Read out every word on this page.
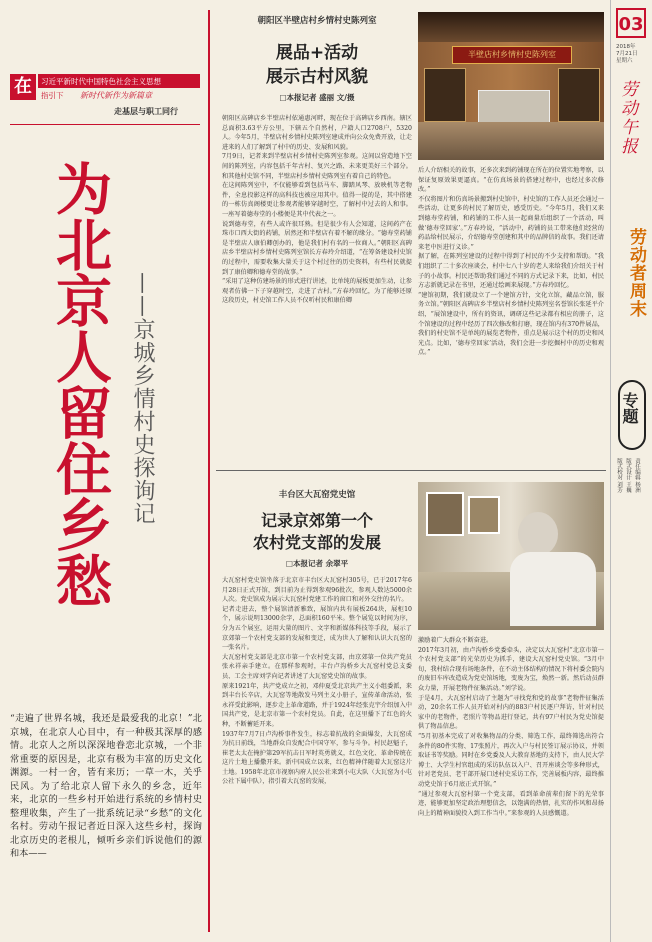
03
2018年
7月21日
星期六
劳动午报
劳动者周末
专题
责任编辑 杨洲
版式设计 王巍
版式校对 刘芳
在	习近平新时代中国特色社会主义思想
指引下 新时代新作为新篇章
走基层与职工同行
为北京人留住乡愁 ——京城乡情村史探询记
“走遍了世界名城，我还是最爱我的北京！”北京城，在北京人心目中，有一种极其深厚的感情。北京人之所以深深地眷恋北京城，一个非常重要的原因是，北京有极为丰富的历史文化渊源。一村一舍，皆有来历；一草一木，关乎民风。为了给北京人留下永久的乡念，近年来，北京的一些乡村开始进行系统的乡情村史整理收集，产生了一批系统记录“乡愁”的文化名村。劳动午报记者近日深入这些乡村，探询北京历史的老根儿，倾听乡亲们诉说他们的源和本——
朝阳区半壁店村乡情村史陈列室
展品+活动
展示古村风貌
□本报记者 盛丽 文/摄
半壁店村乡情村史陈列室
朝阳区高碑店乡半壁店村依通惠河畔，现在位于高碑店乡西南。辖区总面积3.63平方公里，下辖五个自然村，户籍人口2708户，5320人。今年5月，半壁店村乡情村史陈列室建成并向公众免费开放，让走进来的人们了解到了村中的历史、发展和风貌。
7月9日，记者来到半壁店村乡情村史陈列室参观。这间以营造地下空间的陈列室，内容包括千年古村、复兴之路、未来更美好三个部分。和其他村史馆不同，半壁店村乡情村史陈列室有着自己的特色。
在这间陈列室中，不仅能够看到包括马车、脚踏风琴、放映机等老物件，全息投影这样的高科技也被应用其中。值得一提的是，其中搭建的一栋仿真阁楼更让参观者能够穿越时空，了解村中过去的人和事。一座写着德寿堂的小楼便是其中代表之一。
说到德寿堂，有些人或许很耳熟。但是很少有人会知道，这间药产在珠市口西大街的药铺，居然还和半壁店有着不解的缘分。“德寿堂药铺是半壁店人康伯卿创办的，他是我们村有名的一位商人。”朝阳区高碑店乡半壁店村乡情村史陈列室馆长方春玲介绍道，“在筹备建设村史馆的过程中，需要收集大量关于这个村过往的历史资料，有些村民就提到了康伯卿和德寿堂的故事。”
“采用了这种仿建场景的形式进行讲述，比单纯的展板更加生动，让参观者仿佛一下子穿越时空，走进了古村。”方春玲回忆，为了能够还原这段历史，村史馆工作人员不仅听村民和康伯卿
后人介绍相关的故事，还多次来到药铺现在所在的位置实地考察，以保证复原效果更逼真。“在仿真场景的搭建过程中，也经过多次修改。”
不仅将图片和仿真场景搬到村史馆中，村史馆的工作人员还会通过一些活动，让更多的村民了解历史，感受历史。“今年5月，我们又来到德寿堂药铺，和药铺的工作人员一起商量后组织了一个活动，叫做‘德寿堂回家’。”方春玲说，“活动中，药铺的员工带来他们经营的药品给村民展示，介绍德寿堂创建和其中的品牌信的故事。我们还请来老中医进行义诊。”
据了解，在陈列室建设的过程中得到了村民的不少支持和帮助。“我们组织了二十多次座谈会，村中七八十岁的老人来给我们介绍关于村子的小故事。村民还帮助我们通过不同的方式记录下来，比如，村民方志新就记录在书里，还通过绘画来展现。”方春玲回忆。
“建馆初期，我们就设立了一个建馆方针，文化立馆，藏品立馆，服务立馆。”朝阳区高碑店乡半壁店村乡情村史陈列室名誉馆长张延平介绍，“展馆建设中，所有的资讯，调研这些记录都有相应的册子，这个馆建设的过程中经历了四次修改和打磨，现在馆内有370件展品，我们的村史馆不是单纯的展览老物件，重点是展示这个村的历史和风光点。比如，‘德寿堂回家’活动，我们会进一步挖掘村中的历史和观点。”
丰台区大瓦窑党史馆
记录京郊第一个
农村党支部的发展
□本报记者 余翠平
大瓦窑村党史馆坐落于北京市丰台区大瓦窑村305号，已于2017年6月28日正式开馆，到目前为止得到参观96批次，参观人数达5000余人次。党史馆成为展示大瓦窑村党建工作的窗口和对外交往的名片。
记者走进去，整个展馆清新雅致，展馆内共有展板264块，展柜10个，展示说明13000余字，总面积160平米。整个展览以时间为序，分为五个展室，运用大量的图片、文字和新媒体科技等手段，展示了京郊第一个农村党支部的发展和变迁，成为世人了解和认识大瓦窑的一张名片。
大瓦窑村党支部是北京市第一个农村党支部，由京郊第一位共产党员张永祥亲手建立。在那样参观时，丰台卢沟桥乡大瓦窑村党总支委员、工会主席刘学向记者讲述了大瓦窑党史馆的故事。
原来1921年，共产党成立之初，邓仲夏受北京共产主义小组委派，来到丰台长辛店，大瓦窑等地散发马列主义小册子，宣传革命活动，张永祥受此影响，逐步走上革命道路，并于1924年经张克宇介绍加入中国共产党，是北京市第一个农村党员。自此，在这里播下了红色的火种，不断蓄延开来。
1937年7月7日卢沟桥事件发生，标志着抗战的全面爆发，大瓦窑成为抗日前线，当地群众自发配合中国守军，参与斗争。村民赵魁子，崔老太太在掩护第29军抗击日军时英勇就义，红色文化、革命传统在这片土地上播撒开来。新中国成立以来，红色精神伴随着大瓦窑这片土地。1958年北京市视察内府人民公社来到小屯大队（大瓦窑为小屯公社下属中队），指引着大瓦窑的发展，
激励着广大群众不断奋进。
2017年3月初，由卢沟桥乡党委牵头，决定以大瓦窑村“北京市第一个农村党支部”的光荣历史为抓手，建设大瓦窑村党史馆。“3月中旬，我村结合现有场地条件，在不动主体结构的情况下将村委会院内的废旧车库改造成为党史馆场地，变废为宝，焕然一新。然后动员群众力量，开展老物件征集活动。”刘学说。
于是4月，大瓦窑村启动了主题为“寻找党和党的故事”老物件征集活动，20余名工作人员开始对村内的883户村民逐户拜访，针对村民家中的老物件，老照片等物品进行登记，共有97户村民为党史馆提供了物品信息。
“5月初基本完成了对收集物品的分类、筛选工作，最终筛选出符合条件的80件实物、17张照片，再次入户与村民签订展示协议，并领取证书等奖励。同时在乡党委及人大教育基地的支持下，由人民大学博士、大学生村官组成的采访队伍以入户、召开座谈会等多种形式，针对老党员、老干部开展口述村史采访工作，完善展板内容，最终推动党史馆于6月底正式开馆。”
“通过参观大瓦窑村第一个党支部，看到革命前辈们留下的光荣事迹，能够更加坚定政治理想信念，以饱满的热情，扎实的作风和昂扬向上的精神面貌投入到工作当中。”来参观的人员感慨道。
